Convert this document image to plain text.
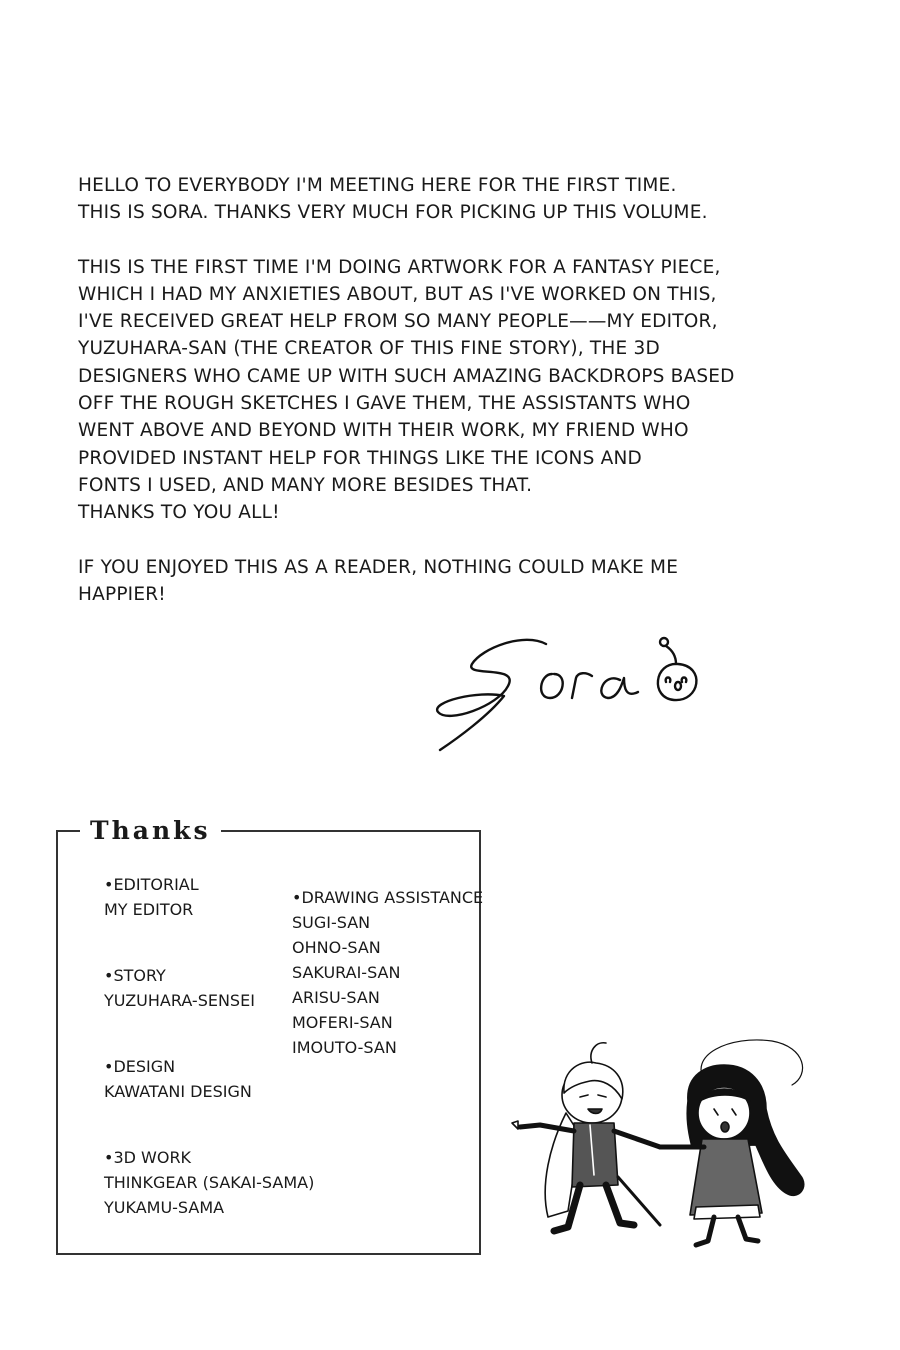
HELLO TO EVERYBODY I'M MEETING HERE FOR THE FIRST TIME.
THIS IS SORA. THANKS VERY MUCH FOR PICKING UP THIS VOLUME.

THIS IS THE FIRST TIME I'M DOING ARTWORK FOR A FANTASY PIECE,
WHICH I HAD MY ANXIETIES ABOUT, BUT AS I'VE WORKED ON THIS,
I'VE RECEIVED GREAT HELP FROM SO MANY PEOPLE——MY EDITOR,
YUZUHARA-SAN (THE CREATOR OF THIS FINE STORY), THE 3D
DESIGNERS WHO CAME UP WITH SUCH AMAZING BACKDROPS BASED
OFF THE ROUGH SKETCHES I GAVE THEM, THE ASSISTANTS WHO
WENT ABOVE AND BEYOND WITH THEIR WORK, MY FRIEND WHO
PROVIDED INSTANT HELP FOR THINGS LIKE THE ICONS AND
FONTS I USED, AND MANY MORE BESIDES THAT.
THANKS TO YOU ALL!

IF YOU ENJOYED THIS AS A READER, NOTHING COULD MAKE ME
HAPPIER!

Thanks
•EDITORIAL
MY EDITOR
•STORY
YUZUHARA-SENSEI
•DESIGN
KAWATANI DESIGN
•3D WORK
THINKGEAR (SAKAI-SAMA)
YUKAMU-SAMA
•DRAWING ASSISTANCE
SUGI-SAN
OHNO-SAN
SAKURAI-SAN
ARISU-SAN
MOFERI-SAN
IMOUTO-SAN
